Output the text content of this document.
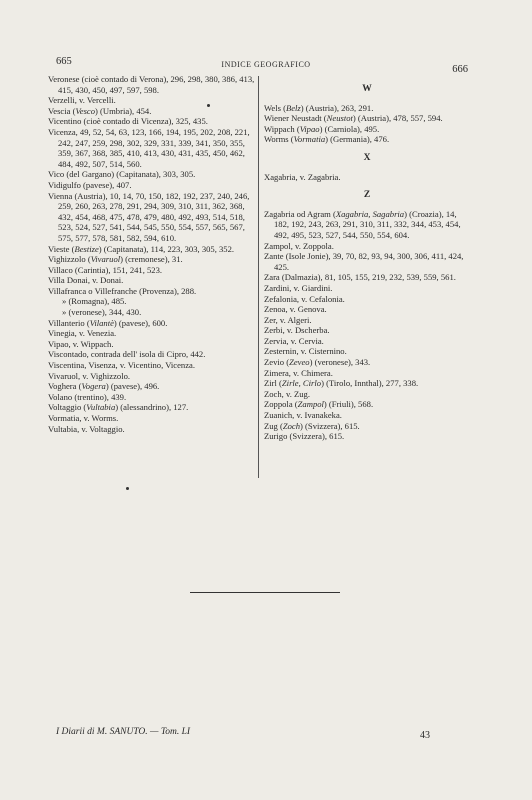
665	INDICE GEOGRAFICO	666
Veronese (cioè contado di Verona), 296, 298, 380, 386, 413, 415, 430, 450, 497, 597, 598.
Verzelli, v. Vercelli.
Vescia (Vesco) (Umbria), 454.
Vicentino (cioè contado di Vicenza), 325, 435.
Vicenza, 49, 52, 54, 63, 123, 166, 194, 195, 202, 208, 221, 242, 247, 259, 298, 302, 329, 331, 339, 341, 350, 355, 359, 367, 368, 385, 410, 413, 430, 431, 435, 450, 462, 484, 492, 507, 514, 560.
Vico (del Gargano) (Capitanata), 303, 305.
Vidigulfo (pavese), 407.
Vienna (Austria), 10, 14, 70, 150, 182, 192, 237, 240, 246, 259, 260, 263, 278, 291, 294, 309, 310, 311, 362, 368, 432, 454, 468, 475, 478, 479, 480, 492, 493, 514, 518, 523, 524, 527, 541, 544, 545, 550, 554, 557, 565, 567, 575, 577, 578, 581, 582, 594, 610.
Vieste (Bestize) (Capitanata), 114, 223, 303, 305, 352.
Vighizzolo (Vivaruol) (cremonese), 31.
Villaco (Carintia), 151, 241, 523.
Villa Donai, v. Donai.
Villafranca o Villefranche (Provenza), 288.
» (Romagna), 485.
» (veronese), 344, 430.
Villanterio (Vilantè) (pavese), 600.
Vinegia, v. Venezia.
Vipao, v. Wippach.
Viscontado, contrada dell' isola di Cipro, 442.
Viscentina, Visenza, v. Vicentino, Vicenza.
Vivaruol, v. Vighizzolo.
Voghera (Vogera) (pavese), 496.
Volano (trentino), 439.
Voltaggio (Vultabia) (alessandrino), 127.
Vormatia, v. Worms.
Vultabia, v. Voltaggio.
W
Wels (Belz) (Austria), 263, 291.
Wiener Neustadt (Neustot) (Austria), 478, 557, 594.
Wippach (Vipao) (Carniola), 495.
Worms (Vormatia) (Germania), 476.
X
Xagabria, v. Zagabria.
Z
Zagabria od Agram (Xagabria, Sagabria) (Croazia), 14, 182, 192, 243, 263, 291, 310, 311, 332, 344, 453, 454, 492, 495, 523, 527, 544, 550, 554, 604.
Zampol, v. Zoppola.
Zante (Isole Jonie), 39, 70, 82, 93, 94, 300, 306, 411, 424, 425.
Zara (Dalmazia), 81, 105, 155, 219, 232, 539, 559, 561.
Zardini, v. Giardini.
Zefalonia, v. Cefalonia.
Zenoa, v. Genova.
Zer, v. Algeri.
Zerbi, v. Dscherba.
Zervia, v. Cervia.
Zesternin, v. Cisternino.
Zevio (Zeveo) (veronese), 343.
Zimera, v. Chimera.
Zirl (Zirle, Cirlo) (Tirolo, Innthal), 277, 338.
Zoch, v. Zug.
Zoppola (Zampol) (Friuli), 568.
Zuanich, v. Ivanakeka.
Zug (Zoch) (Svizzera), 615.
Zurigo (Svizzera), 615.
I Diarii di M. SANUTO. — Tom. LI	43
